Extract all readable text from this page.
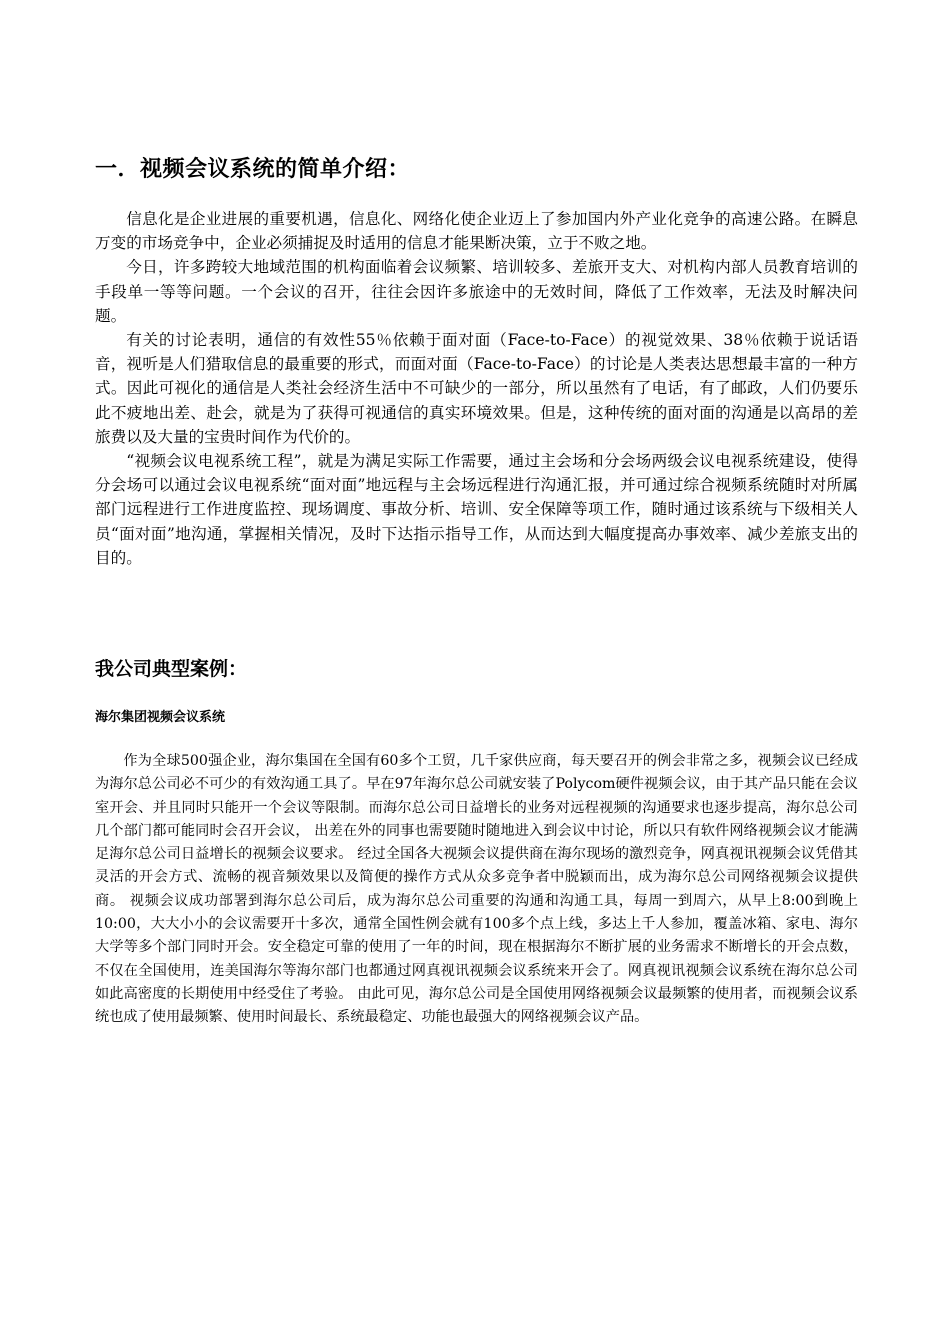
一．视频会议系统的简单介绍：

信息化是企业进展的重要机遇，信息化、网络化使企业迈上了参加国内外产业化竞争的高速公路。在瞬息万变的市场竞争中，企业必须捕捉及时适用的信息才能果断决策，立于不败之地。

今日，许多跨较大地域范围的机构面临着会议频繁、培训较多、差旅开支大、对机构内部人员教育培训的手段单一等等问题。一个会议的召开，往往会因许多旅途中的无效时间，降低了工作效率，无法及时解决问题。

有关的讨论表明，通信的有效性55％依赖于面对面（Face-to-Face）的视觉效果、38％依赖于说话语音，视听是人们猎取信息的最重要的形式，而面对面（Face-to-Face）的讨论是人类表达思想最丰富的一种方式。因此可视化的通信是人类社会经济生活中不可缺少的一部分，所以虽然有了电话，有了邮政，人们仍要乐此不疲地出差、赴会，就是为了获得可视通信的真实环境效果。但是，这种传统的面对面的沟通是以高昂的差旅费以及大量的宝贵时间作为代价的。

“视频会议电视系统工程”，就是为满足实际工作需要，通过主会场和分会场两级会议电视系统建设，使得分会场可以通过会议电视系统“面对面”地远程与主会场远程进行沟通汇报，并可通过综合视频系统随时对所属部门远程进行工作进度监控、现场调度、事故分析、培训、安全保障等项工作，随时通过该系统与下级相关人员“面对面”地沟通，掌握相关情况，及时下达指示指导工作，从而达到大幅度提高办事效率、减少差旅支出的目的。

我公司典型案例：
海尔集团视频会议系统

作为全球500强企业，海尔集国在全国有60多个工贸，几千家供应商，每天要召开的例会非常之多，视频会议已经成为海尔总公司必不可少的有效沟通工具了。早在97年海尔总公司就安装了Polycom硬件视频会议，由于其产品只能在会议室开会、并且同时只能开一个会议等限制。而海尔总公司日益增长的业务对远程视频的沟通要求也逐步提高，海尔总公司几个部门都可能同时会召开会议， 出差在外的同事也需要随时随地进入到会议中讨论，所以只有软件网络视频会议才能满足海尔总公司日益增长的视频会议要求。 经过全国各大视频会议提供商在海尔现场的激烈竞争，网真视讯视频会议凭借其灵活的开会方式、流畅的视音频效果以及简便的操作方式从众多竞争者中脱颖而出，成为海尔总公司网络视频会议提供商。 视频会议成功部署到海尔总公司后，成为海尔总公司重要的沟通和沟通工具，每周一到周六，从早上8:00到晚上10:00，大大小小的会议需要开十多次，通常全国性例会就有100多个点上线，多达上千人参加，覆盖冰箱、家电、海尔大学等多个部门同时开会。安全稳定可靠的使用了一年的时间，现在根据海尔不断扩展的业务需求不断增长的开会点数，不仅在全国使用，连美国海尔等海尔部门也都通过网真视讯视频会议系统来开会了。网真视讯视频会议系统在海尔总公司如此高密度的长期使用中经受住了考验。 由此可见，海尔总公司是全国使用网络视频会议最频繁的使用者，而视频会议系统也成了使用最频繁、使用时间最长、系统最稳定、功能也最强大的网络视频会议产品。
